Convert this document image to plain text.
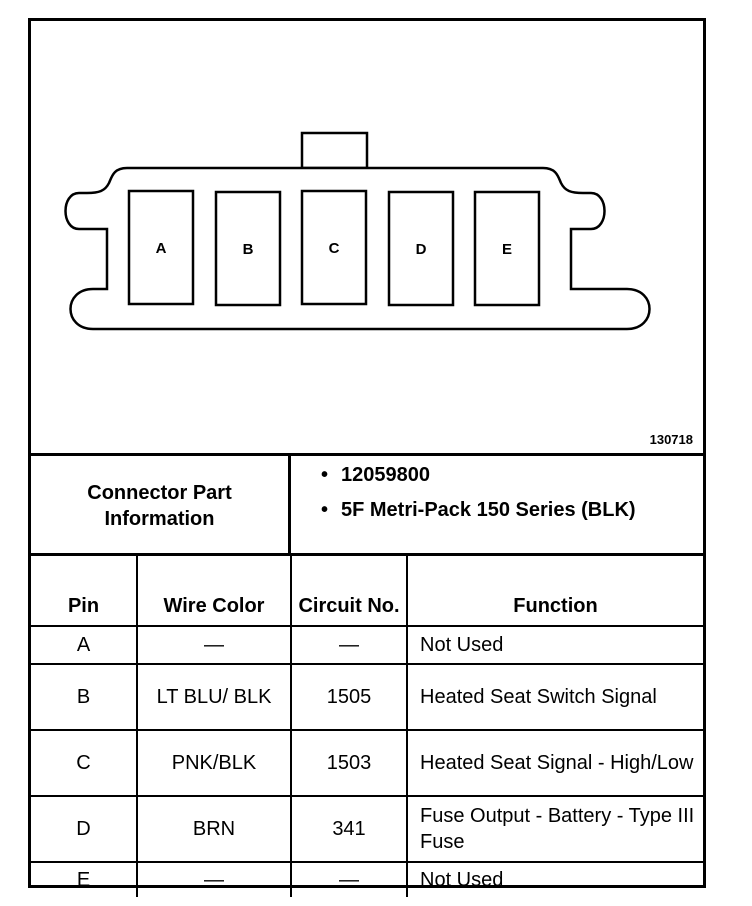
A	B	C	D	E
130718
Connector Part Information
• 12059800
• 5F Metri-Pack 150 Series (BLK)
Pin	Wire Color	Circuit No.	Function
A	—	—	Not Used
B	LT BLU/ BLK	1505	Heated Seat Switch Signal
C	PNK/BLK	1503	Heated Seat Signal - High/Low
D	BRN	341	Fuse Output - Battery - Type III Fuse
E	—	—	Not Used
